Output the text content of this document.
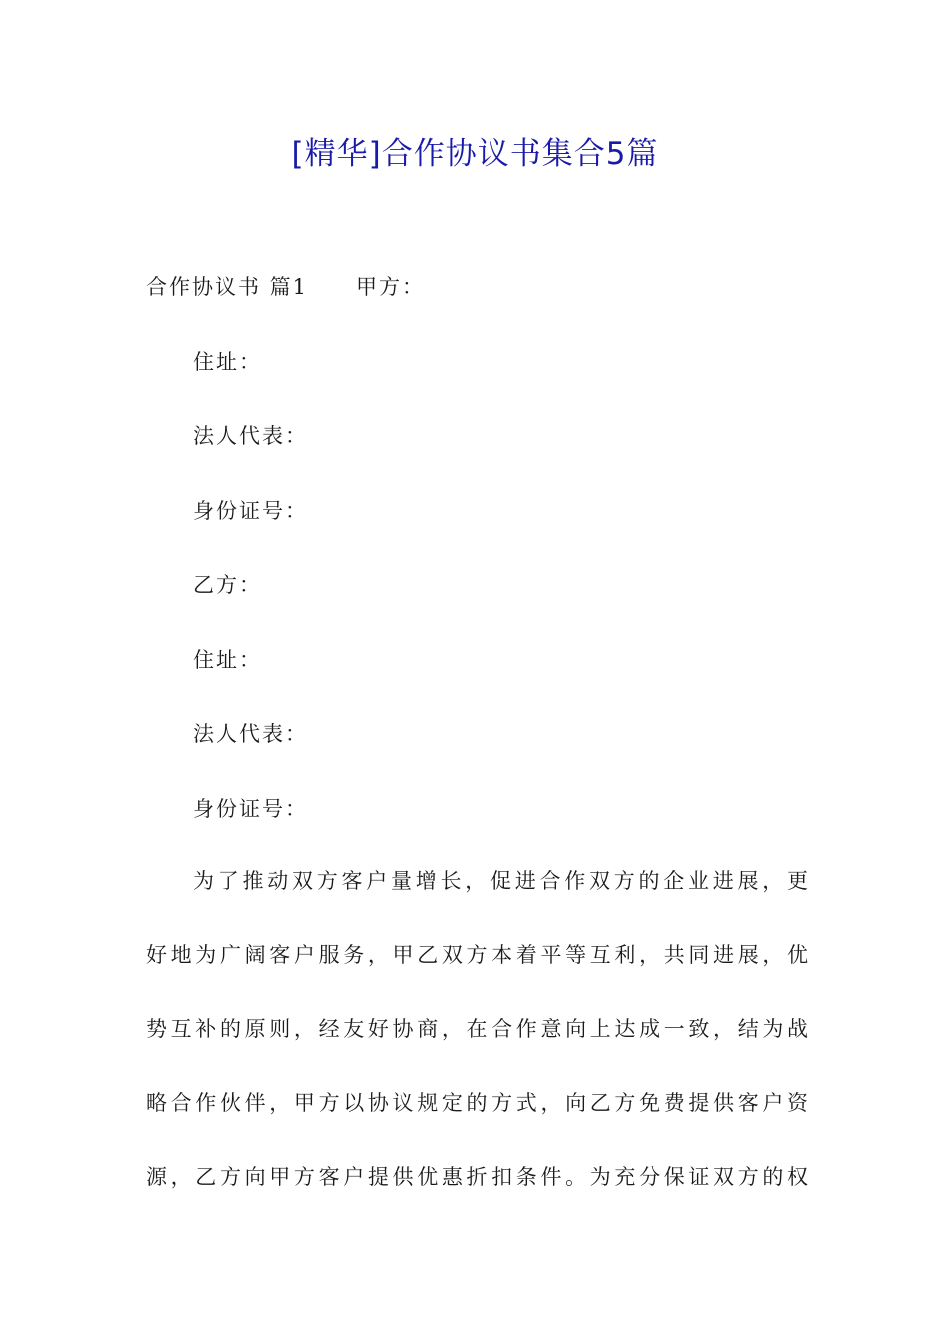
[精华]合作协议书集合5篇

合作协议书 篇1 甲方：

住址：

法人代表：

身份证号：

乙方：

住址：

法人代表：

身份证号：

为了推动双方客户量增长，促进合作双方的企业进展，更
好地为广阔客户服务，甲乙双方本着平等互利，共同进展，优
势互补的原则，经友好协商，在合作意向上达成一致，结为战
略合作伙伴，甲方以协议规定的方式，向乙方免费提供客户资
源，乙方向甲方客户提供优惠折扣条件。为充分保证双方的权
